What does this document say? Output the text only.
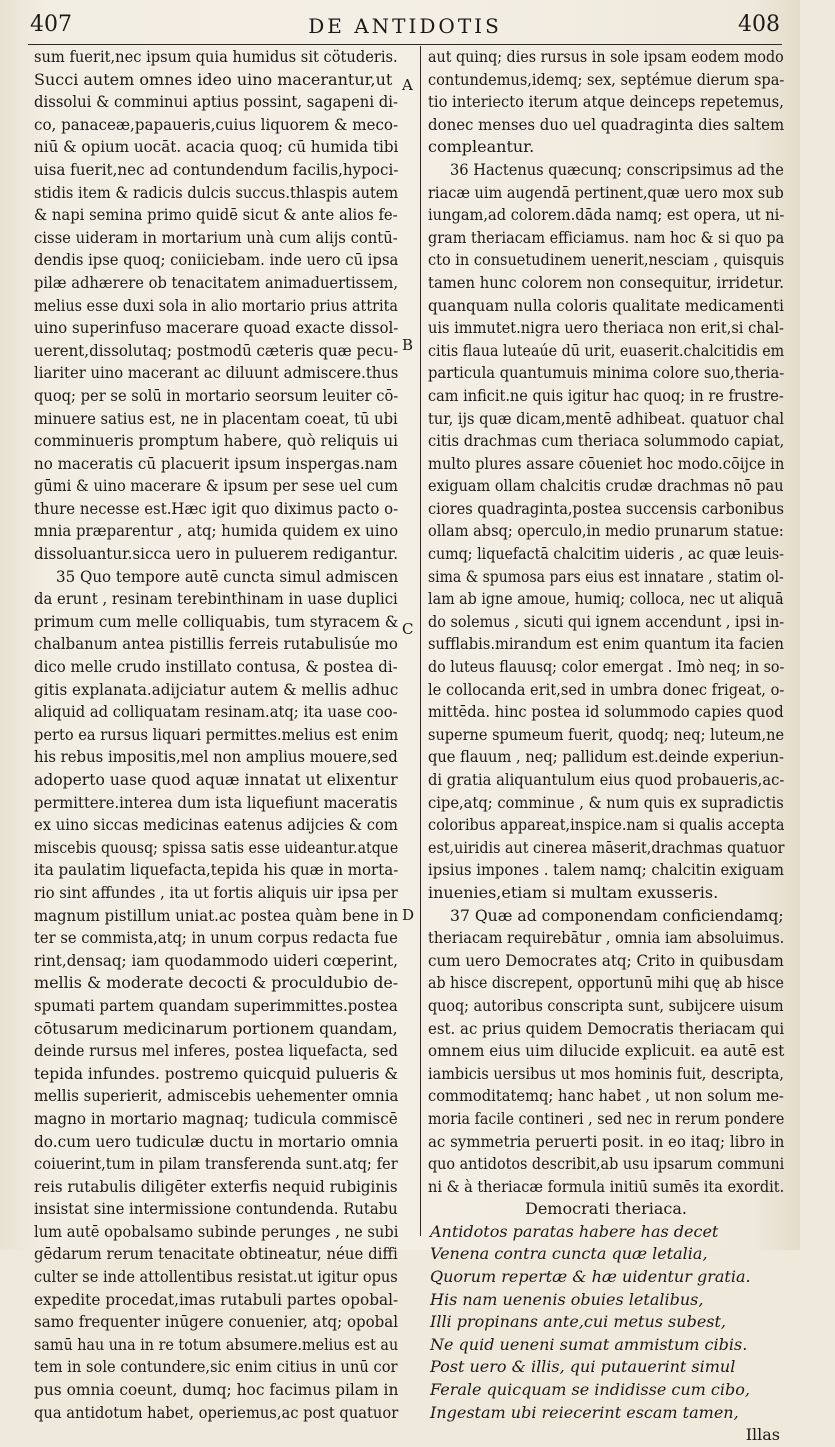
407	DE ANTIDOTIS	408
A
B
C
D
sum fuerit,nec ipsum quia humidus sit cötuderis.
Succi autem omnes ideo uino macerantur,ut
dissolui & comminui aptius possint, sagapeni di-
co, panaceæ,papaueris,cuius liquorem & meco-
niū & opium uocāt. acacia quoq; cū humida tibi
uisa fuerit,nec ad contundendum facilis,hypoci-
stidis item & radicis dulcis succus.thlaspis autem
& napi semina primo quidē sicut & ante alios fe-
cisse uideram in mortarium unà cum alijs contū-
dendis ipse quoq; coniiciebam. inde uero cū ipsa
pilæ adhærere ob tenacitatem animaduertissem,
melius esse duxi sola in alio mortario prius attrita
uino superinfuso macerare quoad exacte dissol-
uerent,dissolutaq; postmodū cæteris quæ pecu-
liariter uino macerant ac diluunt admiscere.thus
quoq; per se solū in mortario seorsum leuiter cō-
minuere satius est, ne in placentam coeat, tū ubi
comminueris promptum habere, quò reliquis ui
no maceratis cū placuerit ipsum inspergas.nam
gūmi & uino macerare & ipsum per sese uel cum
thure necesse est.Hæc igit quo diximus pacto o-
mnia præparentur , atq; humida quidem ex uino
dissoluantur.sicca uero in puluerem redigantur.
35 Quo tempore autē cuncta simul admiscen
da erunt , resinam terebinthinam in uase duplici
primum cum melle colliquabis, tum styracem &
chalbanum antea pistillis ferreis rutabulisúe mo
dico melle crudo instillato contusa, & postea di-
gitis explanata.adijciatur autem & mellis adhuc
aliquid ad colliquatam resinam.atq; ita uase coo-
perto ea rursus liquari permittes.melius est enim
his rebus impositis,mel non amplius mouere,sed
adoperto uase quod aquæ innatat ut elixentur
permittere.interea dum ista liquefiunt maceratis
ex uino siccas medicinas eatenus adijcies & com
miscebis quousq; spissa satis esse uideantur.atque
ita paulatim liquefacta,tepida his quæ in morta-
rio sint affundes , ita ut fortis aliquis uir ipsa per
magnum pistillum uniat.ac postea quàm bene in
ter se commista,atq; in unum corpus redacta fue
rint,densaq; iam quodammodo uideri cœperint,
mellis & moderate decocti & proculdubio de-
spumati partem quandam superimmittes.postea
cōtusarum medicinarum portionem quandam,
deinde rursus mel inferes, postea liquefacta, sed
tepida infundes. postremo quicquid pulueris &
mellis superierit, admiscebis uehementer omnia
magno in mortario magnaq; tudicula commiscē
do.cum uero tudiculæ ductu in mortario omnia
coiuerint,tum in pilam transferenda sunt.atq; fer
reis rutabulis diligēter exterfis nequid rubiginis
insistat sine intermissione contundenda. Rutabu
lum autē opobalsamo subinde perunges , ne subi
gēdarum rerum tenacitate obtineatur, néue diffi
culter se inde attollentibus resistat.ut igitur opus
expedite procedat,imas rutabuli partes opobal-
samo frequenter inūgere conuenier, atq; opobal
samū hau una in re totum absumere.melius est au
tem in sole contundere,sic enim citius in unū cor
pus omnia coeunt, dumq; hoc facimus pilam in
qua antidotum habet, operiemus,ac post quatuor
aut quinq; dies rursus in sole ipsam eodem modo
contundemus,idemq; sex, septémue dierum spa-
tio interiecto iterum atque deinceps repetemus,
donec menses duo uel quadraginta dies saltem
compleantur.
36 Hactenus quæcunq; conscripsimus ad the
riacæ uim augendā pertinent,quæ uero mox sub
iungam,ad colorem.dāda namq; est opera, ut ni-
gram theriacam efficiamus. nam hoc & si quo pa
cto in consuetudinem uenerit,nesciam , quisquis
tamen hunc colorem non consequitur, irridetur.
quanquam nulla coloris qualitate medicamenti
uis immutet.nigra uero theriaca non erit,si chal-
citis flaua luteaúe dū urit, euaserit.chalcitidis em
particula quantumuis minima colore suo,theria-
cam inficit.ne quis igitur hac quoq; in re frustre-
tur, ijs quæ dicam,mentē adhibeat. quatuor chal
citis drachmas cum theriaca solummodo capiat,
multo plures assare cōueniet hoc modo.cōijce in
exiguam ollam chalcitis crudæ drachmas nō pau
ciores quadraginta,postea succensis carbonibus
ollam absq; operculo,in medio prunarum statue:
cumq; liquefactā chalcitim uideris , ac quæ leuis-
sima & spumosa pars eius est innatare , statim ol-
lam ab igne amoue, humiq; colloca, nec ut aliquā
do solemus , sicuti qui ignem accendunt , ipsi in-
sufflabis.mirandum est enim quantum ita facien
do luteus flauusq; color emergat . Imò neq; in so-
le collocanda erit,sed in umbra donec frigeat, o-
mittēda. hinc postea id solummodo capies quod
superne spumeum fuerit, quodq; neq; luteum,ne
que flauum , neq; pallidum est.deinde experiun-
di gratia aliquantulum eius quod probaueris,ac-
cipe,atq; comminue , & num quis ex supradictis
coloribus appareat,inspice.nam si qualis accepta
est,uiridis aut cinerea māserit,drachmas quatuor
ipsius impones . talem namq; chalcitin exiguam
inuenies,etiam si multam exusseris.
37 Quæ ad componendam conficiendamq;
theriacam requirebātur , omnia iam absoluimus.
cum uero Democrates atq; Crito in quibusdam
ab hisce discrepent, opportunū mihi quę ab hisce
quoq; autoribus conscripta sunt, subijcere uisum
est. ac prius quidem Democratis theriacam qui
omnem eius uim dilucide explicuit. ea autē est
iambicis uersibus ut mos hominis fuit, descripta,
commoditatemq; hanc habet , ut non solum me-
moria facile contineri , sed nec in rerum pondere
ac symmetria peruerti posit. in eo itaq; libro in
quo antidotos describit,ab usu ipsarum communi
ni & à theriacæ formula initiū sumēs ita exordit.
Democrati theriaca.
Antidotos paratas habere has decet
Venena contra cuncta quæ letalia,
Quorum repertæ & hæ uidentur gratia.
His nam uenenis obuies letalibus,
Illi propinans ante,cui metus subest,
Ne quid ueneni sumat ammistum cibis.
Post uero & illis, qui putauerint simul
Ferale quicquam se indidisse cum cibo,
Ingestam ubi reiecerint escam tamen,
Illas
